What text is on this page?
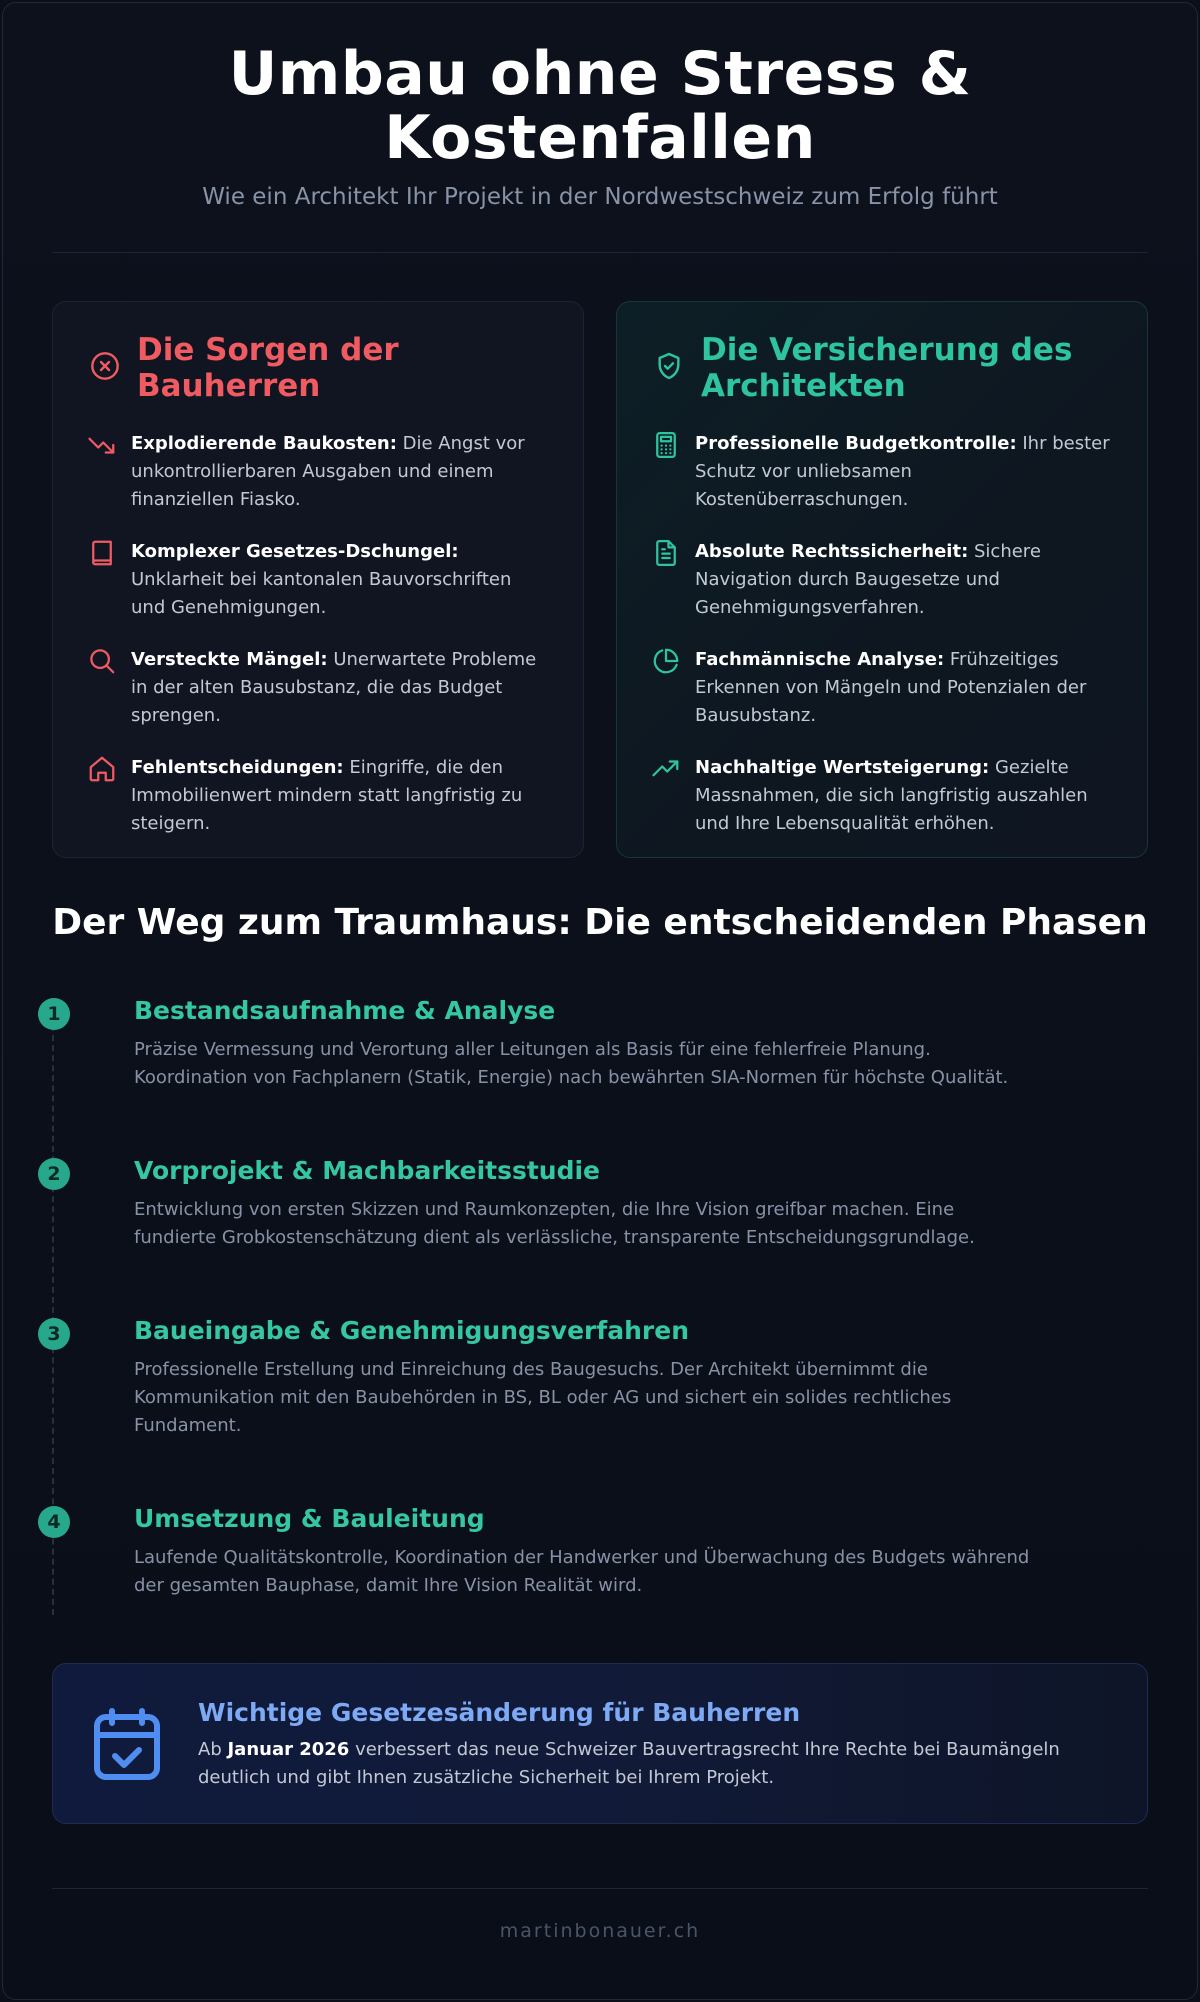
Umbau ohne Stress &
Kostenfallen
Wie ein Architekt Ihr Projekt in der Nordwestschweiz zum Erfolg führt
Die Sorgen der
Bauherren
Explodierende Baukosten: Die Angst vor unkontrollierbaren Ausgaben und einem finanziellen Fiasko.
Komplexer Gesetzes-Dschungel: Unklarheit bei kantonalen Bauvorschriften und Genehmigungen.
Versteckte Mängel: Unerwartete Probleme in der alten Bausubstanz, die das Budget sprengen.
Fehlentscheidungen: Eingriffe, die den Immobilienwert mindern statt langfristig zu steigern.
Die Versicherung des
Architekten
Professionelle Budgetkontrolle: Ihr bester Schutz vor unliebsamen Kostenüberraschungen.
Absolute Rechtssicherheit: Sichere Navigation durch Baugesetze und Genehmigungsverfahren.
Fachmännische Analyse: Frühzeitiges Erkennen von Mängeln und Potenzialen der Bausubstanz.
Nachhaltige Wertsteigerung: Gezielte Massnahmen, die sich langfristig auszahlen und Ihre Lebensqualität erhöhen.
Der Weg zum Traumhaus: Die entscheidenden Phasen
1	Bestandsaufnahme & Analyse
Präzise Vermessung und Verortung aller Leitungen als Basis für eine fehlerfreie Planung. Koordination von Fachplanern (Statik, Energie) nach bewährten SIA-Normen für höchste Qualität.
2	Vorprojekt & Machbarkeitsstudie
Entwicklung von ersten Skizzen und Raumkonzepten, die Ihre Vision greifbar machen. Eine fundierte Grobkostenschätzung dient als verlässliche, transparente Entscheidungsgrundlage.
3	Baueingabe & Genehmigungsverfahren
Professionelle Erstellung und Einreichung des Baugesuchs. Der Architekt übernimmt die Kommunikation mit den Baubehörden in BS, BL oder AG und sichert ein solides rechtliches Fundament.
4	Umsetzung & Bauleitung
Laufende Qualitätskontrolle, Koordination der Handwerker und Überwachung des Budgets während der gesamten Bauphase, damit Ihre Vision Realität wird.
Wichtige Gesetzesänderung für Bauherren
Ab Januar 2026 verbessert das neue Schweizer Bauvertragsrecht Ihre Rechte bei Baumängeln deutlich und gibt Ihnen zusätzliche Sicherheit bei Ihrem Projekt.
martinbonauer.ch
